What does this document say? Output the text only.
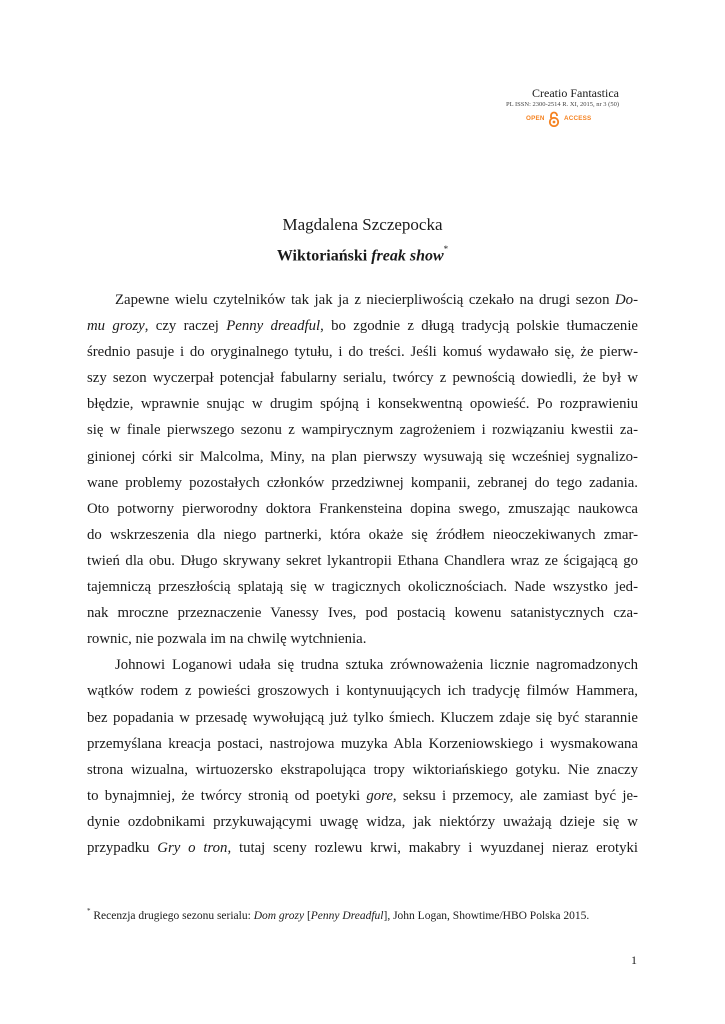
Creatio Fantastica
PL ISSN: 2300-2514 R. XI, 2015, nr 3 (50)
OPEN	ACCESS
Magdalena Szczepocka
Wiktoriański freak show*
Zapewne wielu czytelników tak jak ja z niecierpliwością czekało na drugi sezon Do-
mu grozy, czy raczej Penny dreadful, bo zgodnie z długą tradycją polskie tłumaczenie
średnio pasuje i do oryginalnego tytułu, i do treści. Jeśli komuś wydawało się, że pierw-
szy sezon wyczerpał potencjał fabularny serialu, twórcy z pewnością dowiedli, że był w
błędzie, wprawnie snując w drugim spójną i konsekwentną opowieść. Po rozprawieniu
się w finale pierwszego sezonu z wampirycznym zagrożeniem i rozwiązaniu kwestii za-
ginionej córki sir Malcolma, Miny, na plan pierwszy wysuwają się wcześniej sygnalizo-
wane problemy pozostałych członków przedziwnej kompanii, zebranej do tego zadania.
Oto potworny pierworodny doktora Frankensteina dopina swego, zmuszając naukowca
do wskrzeszenia dla niego partnerki, która okaże się źródłem nieoczekiwanych zmar-
twień dla obu. Długo skrywany sekret lykantropii Ethana Chandlera wraz ze ścigającą go
tajemniczą przeszłością splatają się w tragicznych okolicznościach. Nade wszystko jed-
nak mroczne przeznaczenie Vanessy Ives, pod postacią kowenu satanistycznych cza-
rownic, nie pozwala im na chwilę wytchnienia.
Johnowi Loganowi udała się trudna sztuka zrównoważenia licznie nagromadzonych
wątków rodem z powieści groszowych i kontynuujących ich tradycję filmów Hammera,
bez popadania w przesadę wywołującą już tylko śmiech. Kluczem zdaje się być starannie
przemyślana kreacja postaci, nastrojowa muzyka Abla Korzeniowskiego i wysmakowana
strona wizualna, wirtuozersko ekstrapolująca tropy wiktoriańskiego gotyku. Nie znaczy
to bynajmniej, że twórcy stronią od poetyki gore, seksu i przemocy, ale zamiast być je-
dynie ozdobnikami przykuwającymi uwagę widza, jak niektórzy uważają dzieje się w
przypadku Gry o tron, tutaj sceny rozlewu krwi, makabry i wyuzdanej nieraz erotyki
* Recenzja drugiego sezonu serialu: Dom grozy [Penny Dreadful], John Logan, Showtime/HBO Polska 2015.
1
